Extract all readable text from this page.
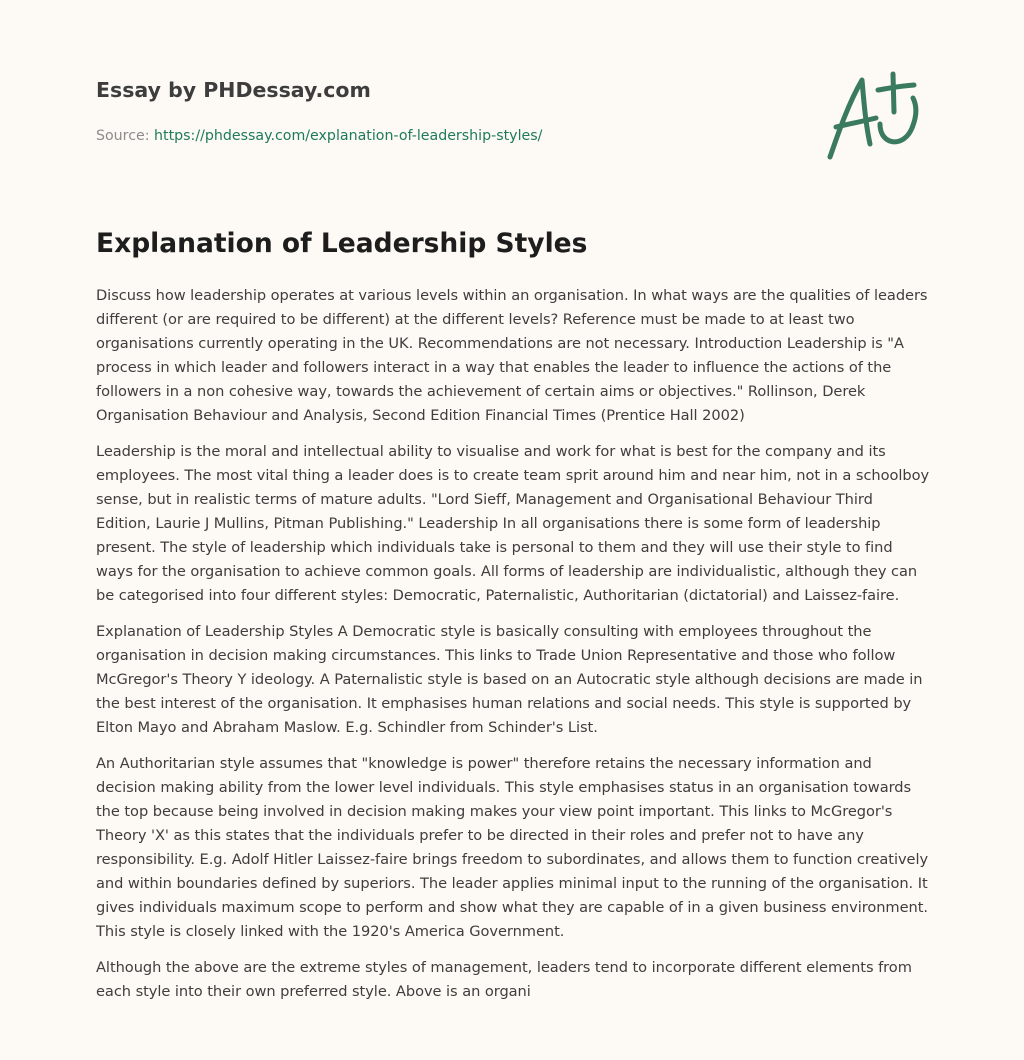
Essay by PHDessay.com
Source: https://phdessay.com/explanation-of-leadership-styles/
Explanation of Leadership Styles

Discuss how leadership operates at various levels within an organisation. In what ways are the qualities of leaders different (or are required to be different) at the different levels? Reference must be made to at least two organisations currently operating in the UK. Recommendations are not necessary. Introduction Leadership is "A process in which leader and followers interact in a way that enables the leader to influence the actions of the followers in a non cohesive way, towards the achievement of certain aims or objectives." Rollinson, Derek Organisation Behaviour and Analysis, Second Edition Financial Times (Prentice Hall 2002)

Leadership is the moral and intellectual ability to visualise and work for what is best for the company and its employees. The most vital thing a leader does is to create team sprit around him and near him, not in a schoolboy sense, but in realistic terms of mature adults. "Lord Sieff, Management and Organisational Behaviour Third Edition, Laurie J Mullins, Pitman Publishing." Leadership In all organisations there is some form of leadership present. The style of leadership which individuals take is personal to them and they will use their style to find ways for the organisation to achieve common goals. All forms of leadership are individualistic, although they can be categorised into four different styles: Democratic, Paternalistic, Authoritarian (dictatorial) and Laissez-faire.

Explanation of Leadership Styles A Democratic style is basically consulting with employees throughout the organisation in decision making circumstances. This links to Trade Union Representative and those who follow McGregor's Theory Y ideology. A Paternalistic style is based on an Autocratic style although decisions are made in the best interest of the organisation. It emphasises human relations and social needs. This style is supported by Elton Mayo and Abraham Maslow. E.g. Schindler from Schinder's List.

An Authoritarian style assumes that "knowledge is power" therefore retains the necessary information and decision making ability from the lower level individuals. This style emphasises status in an organisation towards the top because being involved in decision making makes your view point important. This links to McGregor's Theory 'X' as this states that the individuals prefer to be directed in their roles and prefer not to have any responsibility. E.g. Adolf Hitler Laissez-faire brings freedom to subordinates, and allows them to function creatively and within boundaries defined by superiors. The leader applies minimal input to the running of the organisation. It gives individuals maximum scope to perform and show what they are capable of in a given business environment. This style is closely linked with the 1920's America Government.

Although the above are the extreme styles of management, leaders tend to incorporate different elements from each style into their own preferred style. Above is an organi
